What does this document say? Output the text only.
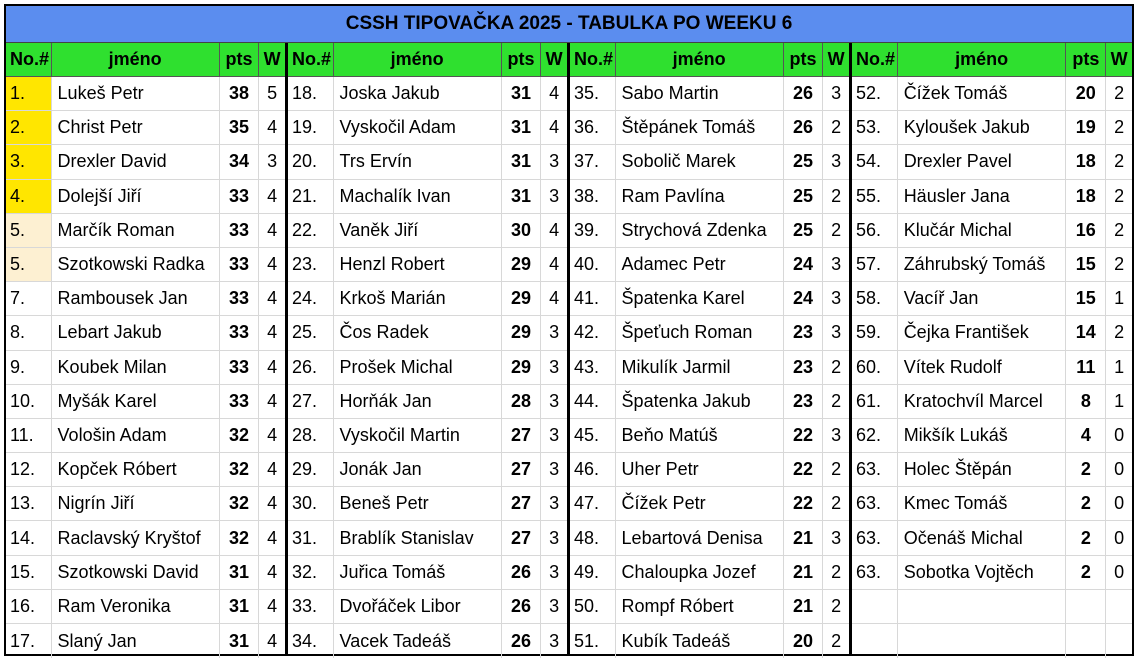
CSSH TIPOVAČKA 2025 - TABULKA PO WEEKU 6
No.#	jméno	pts W
1.	Lukeš Petr	38	5
2.	Christ Petr	35	4
3.	Drexler David	34	3
4.	Dolejší Jiří	33	4
5.	Marčík Roman	33	4
5.	Szotkowski Radka	33	4
7.	Rambousek Jan	33	4
8.	Lebart Jakub	33	4
9.	Koubek Milan	33	4
10.	Myšák Karel	33	4
11.	Vološin Adam	32	4
12.	Kopček Róbert	32	4
13.	Nigrín Jiří	32	4
14.	Raclavský Kryštof	32	4
15.	Szotkowski David	31	4
16.	Ram Veronika	31	4
17.	Slaný Jan	31	4
No.#	jméno	pts W
18.	Joska Jakub	31	4
19.	Vyskočil Adam	31	4
20.	Trs Ervín	31	3
21.	Machalík Ivan	31	3
22.	Vaněk Jiří	30	4
23.	Henzl Robert	29	4
24.	Krkoš Marián	29	4
25.	Čos Radek	29	3
26.	Prošek Michal	29	3
27.	Horňák Jan	28	3
28.	Vyskočil Martin	27	3
29.	Jonák Jan	27	3
30.	Beneš Petr	27	3
31.	Brablík Stanislav	27	3
32.	Juřica Tomáš	26	3
33.	Dvořáček Libor	26	3
34.	Vacek Tadeáš	26	3
No.#	jméno	pts W
35.	Sabo Martin	26	3
36.	Štěpánek Tomáš	26	2
37.	Sobolič Marek	25	3
38.	Ram Pavlína	25	2
39.	Strychová Zdenka	25	2
40.	Adamec Petr	24	3
41.	Špatenka Karel	24	3
42.	Špeťuch Roman	23	3
43.	Mikulík Jarmil	23	2
44.	Špatenka Jakub	23	2
45.	Beňo Matúš	22	3
46.	Uher Petr	22	2
47.	Čížek Petr	22	2
48.	Lebartová Denisa	21	3
49.	Chaloupka Jozef	21	2
50.	Rompf Róbert	21	2
51.	Kubík Tadeáš	20	2
No.#	jméno	pts W
52.	Čížek Tomáš	20	2
53.	Kyloušek Jakub	19	2
54.	Drexler Pavel	18	2
55.	Häusler Jana	18	2
56.	Klučár Michal	16	2
57.	Záhrubský Tomáš	15	2
58.	Vacíř Jan	15	1
59.	Čejka František	14	2
60.	Vítek Rudolf	11	1
61.	Kratochvíl Marcel	8	1
62.	Mikšík Lukáš	4	0
63.	Holec Štěpán	2	0
63.	Kmec Tomáš	2	0
63.	Očenáš Michal	2	0
63.	Sobotka Vojtěch	2	0
